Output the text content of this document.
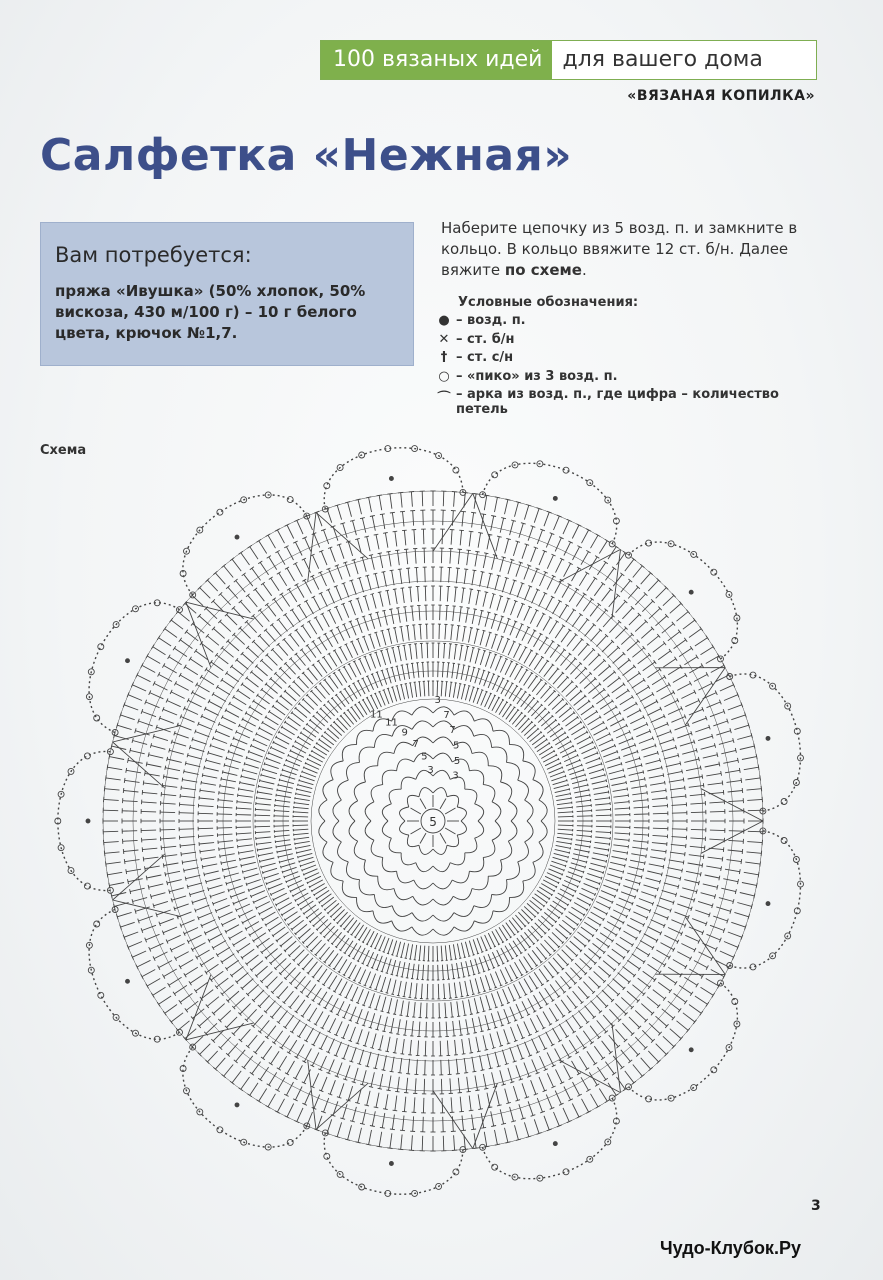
100 вязаных идей для вашего дома
«ВЯЗАНАЯ КОПИЛКА»
Салфетка «Нежная»
Вам потребуется:

пряжа «Ивушка» (50% хлопок, 50% вискоза, 430 м/100 г) – 10 г белого цвета, крючок №1,7.

Наберите цепочку из 5 возд. п. и замкните в кольцо. В кольцо ввяжите 12 ст. б/н. Далее вяжите по схеме.
Условные обозначения:
● – возд. п.
✕ – ст. б/н
† – ст. с/н
○ – «пико» из 3 возд. п.
⌒ – арка из возд. п., где цифра – количество петель
Схема
5
11
11
9
7
5
3
3
7
7
5
5
3
3
Чудо-Клубок.Ру
